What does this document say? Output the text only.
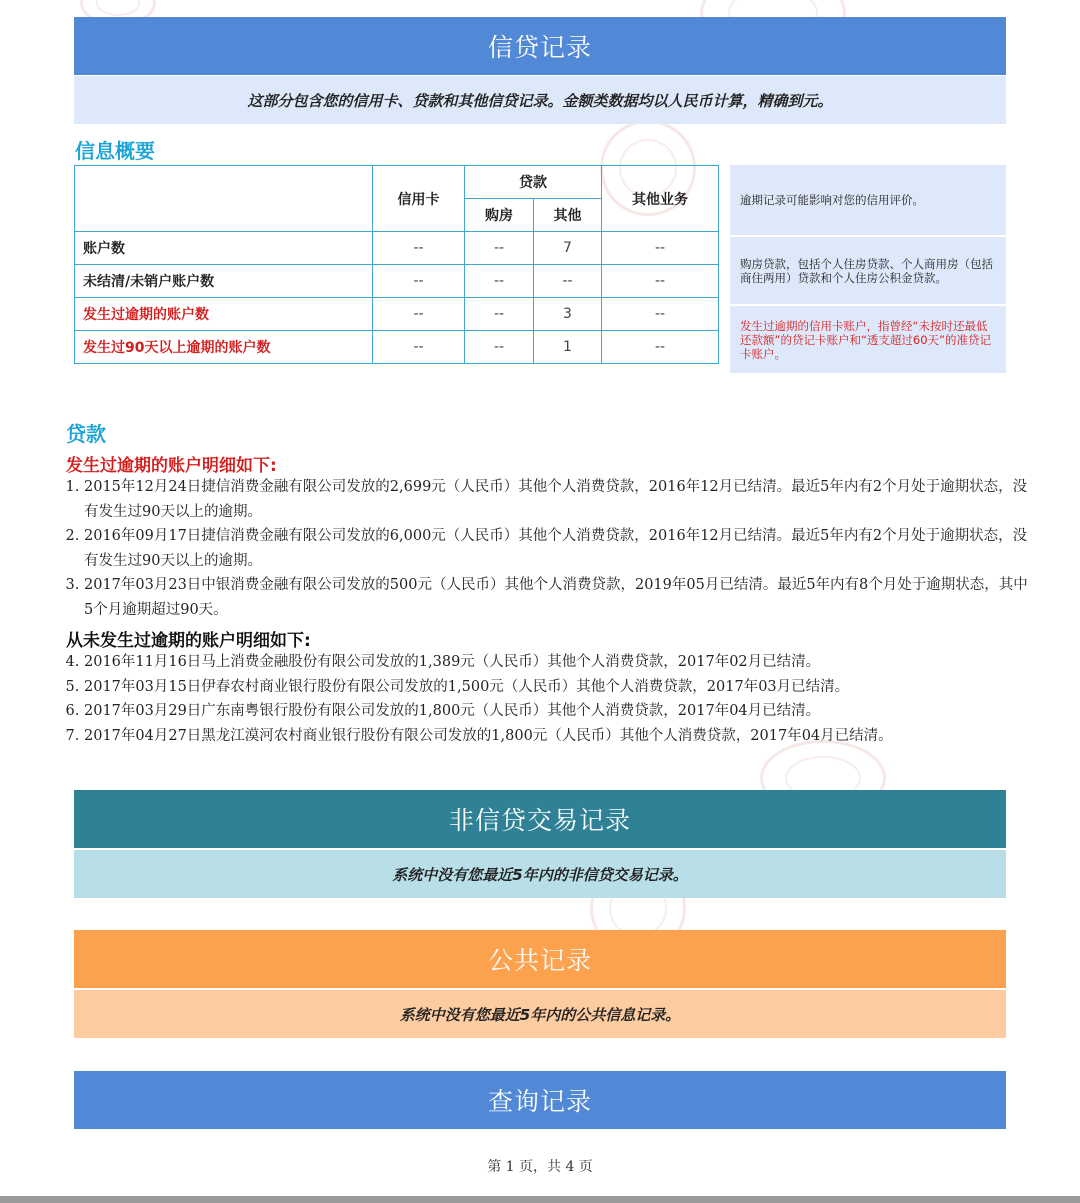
信贷记录
这部分包含您的信用卡、贷款和其他信贷记录。金额类数据均以人民币计算，精确到元。
信息概要
	信用卡	贷款		其他业务
		购房	其他	
账户数	--	--	7	--
未结清/未销户账户数	--	--	--	--
发生过逾期的账户数	--	--	3	--
发生过90天以上逾期的账户数	--	--	1	--
逾期记录可能影响对您的信用评价。
购房贷款，包括个人住房贷款、个人商用房（包括商住两用）贷款和个人住房公积金贷款。
发生过逾期的信用卡账户，指曾经“未按时还最低还款额”的贷记卡账户和“透支超过60天”的准贷记卡账户。
贷款
发生过逾期的账户明细如下:
1. 2015年12月24日捷信消费金融有限公司发放的2,699元（人民币）其他个人消费贷款，2016年12月已结清。最近5年内有2个月处于逾期状态，没有发生过90天以上的逾期。
2. 2016年09月17日捷信消费金融有限公司发放的6,000元（人民币）其他个人消费贷款，2016年12月已结清。最近5年内有2个月处于逾期状态，没有发生过90天以上的逾期。
3. 2017年03月23日中银消费金融有限公司发放的500元（人民币）其他个人消费贷款，2019年05月已结清。最近5年内有8个月处于逾期状态，其中5个月逾期超过90天。
从未发生过逾期的账户明细如下:
4. 2016年11月16日马上消费金融股份有限公司发放的1,389元（人民币）其他个人消费贷款，2017年02月已结清。
5. 2017年03月15日伊春农村商业银行股份有限公司发放的1,500元（人民币）其他个人消费贷款，2017年03月已结清。
6. 2017年03月29日广东南粤银行股份有限公司发放的1,800元（人民币）其他个人消费贷款，2017年04月已结清。
7. 2017年04月27日黑龙江漠河农村商业银行股份有限公司发放的1,800元（人民币）其他个人消费贷款，2017年04月已结清。
非信贷交易记录
系统中没有您最近5年内的非信贷交易记录。
公共记录
系统中没有您最近5年内的公共信息记录。
查询记录
第 1 页，共 4 页
